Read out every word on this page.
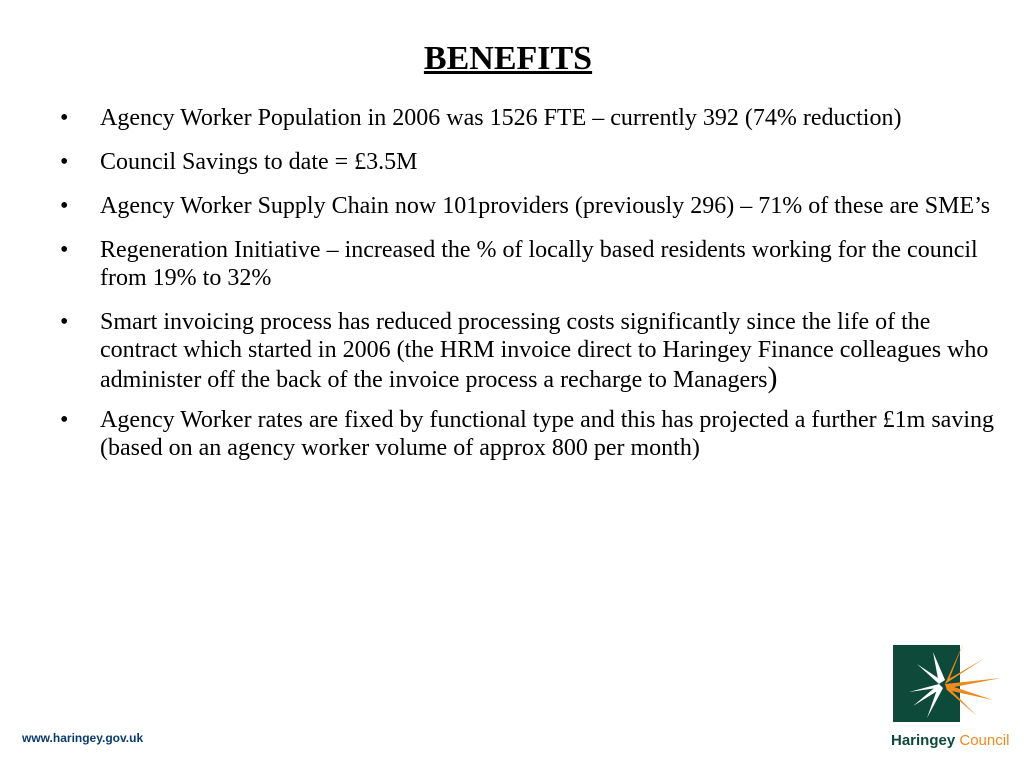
BENEFITS
• Agency Worker Population in 2006 was 1526 FTE – currently 392 (74% reduction)
• Council Savings to date = £3.5M
• Agency Worker Supply Chain now 101providers (previously 296) – 71% of these are SME’s
• Regeneration Initiative – increased the % of locally based residents working for the council from 19% to 32%
• Smart invoicing process has reduced processing costs significantly since the life of the contract which started in 2006 (the HRM invoice direct to Haringey Finance colleagues who administer off the back of the invoice process a recharge to Managers)
• Agency Worker rates are fixed by functional type and this has projected a further £1m saving (based on an agency worker volume of approx 800 per month)
www.haringey.gov.uk	Haringey Council
